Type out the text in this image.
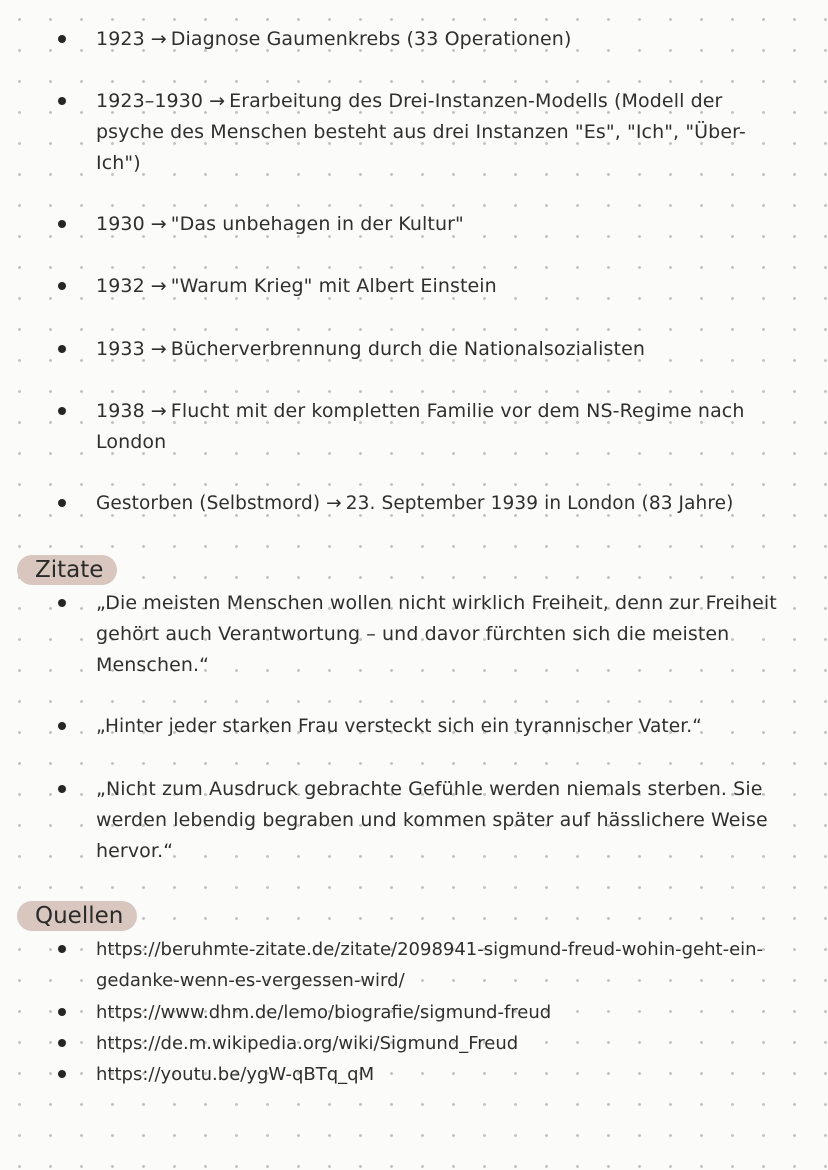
1923 → Diagnose Gaumenkrebs (33 Operationen)
1923–1930 → Erarbeitung des Drei-Instanzen-Modells (Modell der psyche des Menschen besteht aus drei Instanzen "Es", "Ich", "Über-Ich")
1930 → "Das unbehagen in der Kultur"
1932 → "Warum Krieg" mit Albert Einstein
1933 → Bücherverbrennung durch die Nationalsozialisten
1938 → Flucht mit der kompletten Familie vor dem NS-Regime nach London
Gestorben (Selbstmord) → 23. September 1939 in London (83 Jahre)
Zitate
„Die meisten Menschen wollen nicht wirklich Freiheit, denn zur Freiheit gehört auch Verantwortung – und davor fürchten sich die meisten Menschen.“
„Hinter jeder starken Frau versteckt sich ein tyrannischer Vater.“
„Nicht zum Ausdruck gebrachte Gefühle werden niemals sterben. Sie werden lebendig begraben und kommen später auf hässlichere Weise hervor.“
Quellen
https://beruhmte-zitate.de/zitate/2098941-sigmund-freud-wohin-geht-ein-gedanke-wenn-es-vergessen-wird/
https://www.dhm.de/lemo/biografie/sigmund-freud
https://de.m.wikipedia.org/wiki/Sigmund_Freud
https://youtu.be/ygW-qBTq_qM
